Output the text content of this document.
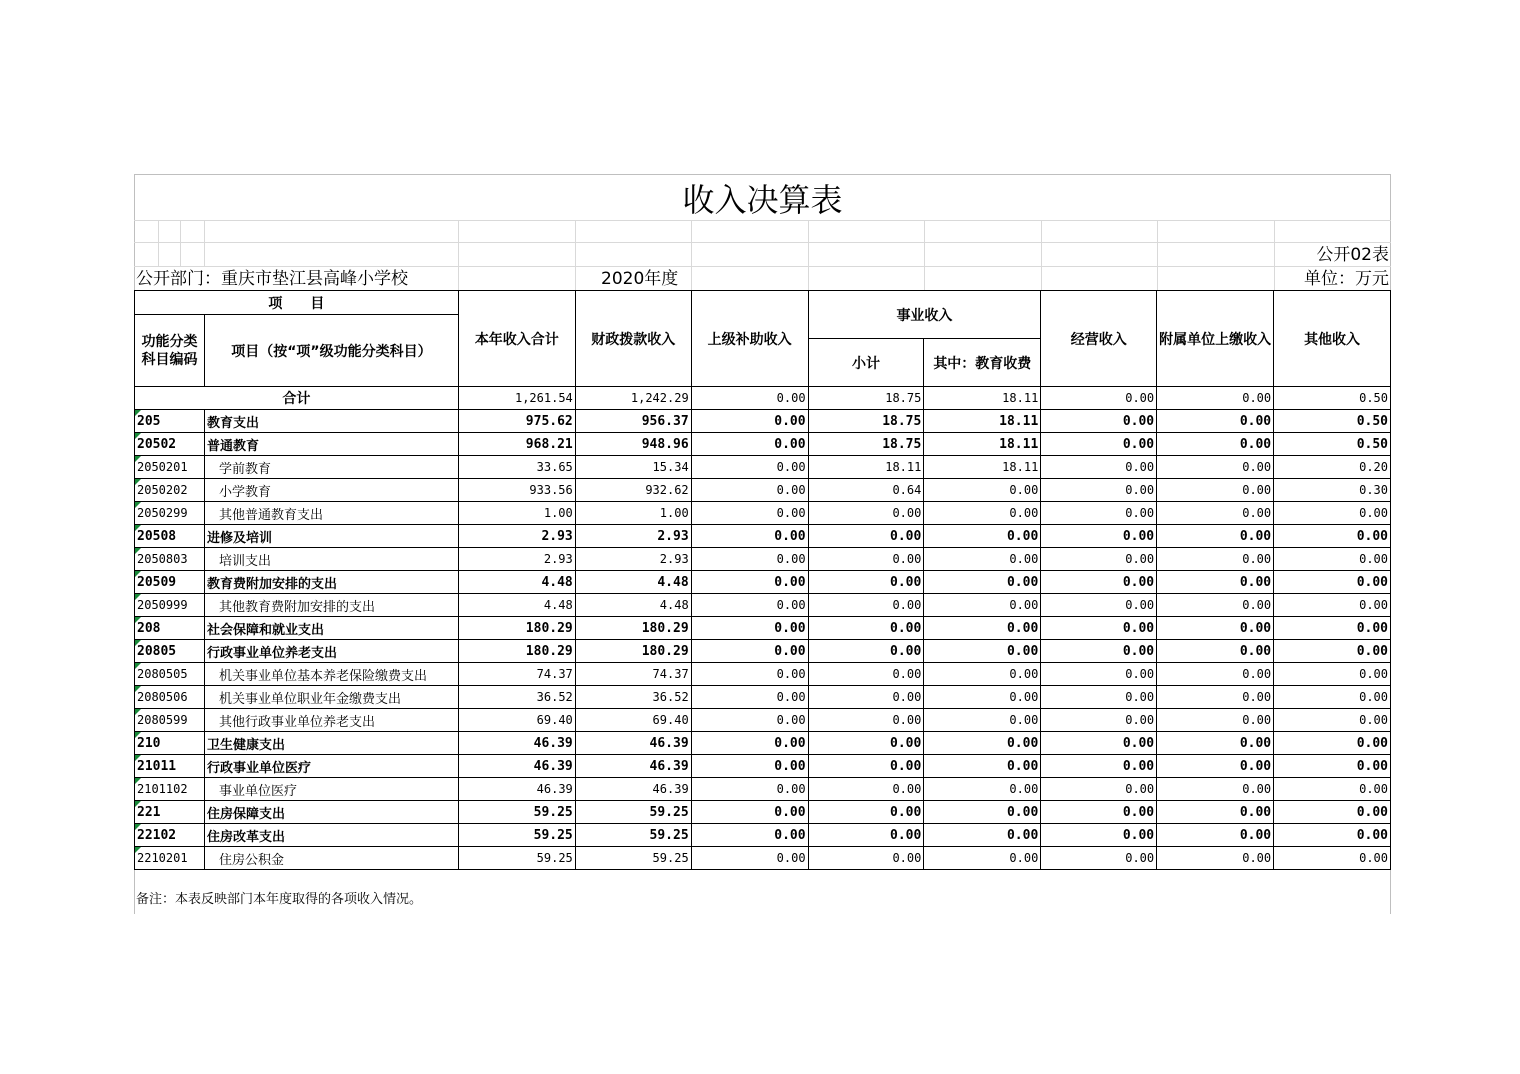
收入决算表
公开02表
公开部门：重庆市垫江县高峰小学校	2020年度	单位：万元
项　　目		本年收入合计	财政拨款收入	上级补助收入	事业收入		经营收入	附属单位上缴收入	其他收入
功能分类科目编码	项目（按“项”级功能分类科目）								
					小计	其中：教育收费			
合计		1,261.54	1,242.29	0.00	18.75	18.11	0.00	0.00	0.50
205	教育支出	975.62	956.37	0.00	18.75	18.11	0.00	0.00	0.50
20502	普通教育	968.21	948.96	0.00	18.75	18.11	0.00	0.00	0.50
2050201	学前教育	33.65	15.34	0.00	18.11	18.11	0.00	0.00	0.20
2050202	小学教育	933.56	932.62	0.00	0.64	0.00	0.00	0.00	0.30
2050299	其他普通教育支出	1.00	1.00	0.00	0.00	0.00	0.00	0.00	0.00
20508	进修及培训	2.93	2.93	0.00	0.00	0.00	0.00	0.00	0.00
2050803	培训支出	2.93	2.93	0.00	0.00	0.00	0.00	0.00	0.00
20509	教育费附加安排的支出	4.48	4.48	0.00	0.00	0.00	0.00	0.00	0.00
2050999	其他教育费附加安排的支出	4.48	4.48	0.00	0.00	0.00	0.00	0.00	0.00
208	社会保障和就业支出	180.29	180.29	0.00	0.00	0.00	0.00	0.00	0.00
20805	行政事业单位养老支出	180.29	180.29	0.00	0.00	0.00	0.00	0.00	0.00
2080505	机关事业单位基本养老保险缴费支出	74.37	74.37	0.00	0.00	0.00	0.00	0.00	0.00
2080506	机关事业单位职业年金缴费支出	36.52	36.52	0.00	0.00	0.00	0.00	0.00	0.00
2080599	其他行政事业单位养老支出	69.40	69.40	0.00	0.00	0.00	0.00	0.00	0.00
210	卫生健康支出	46.39	46.39	0.00	0.00	0.00	0.00	0.00	0.00
21011	行政事业单位医疗	46.39	46.39	0.00	0.00	0.00	0.00	0.00	0.00
2101102	事业单位医疗	46.39	46.39	0.00	0.00	0.00	0.00	0.00	0.00
221	住房保障支出	59.25	59.25	0.00	0.00	0.00	0.00	0.00	0.00
22102	住房改革支出	59.25	59.25	0.00	0.00	0.00	0.00	0.00	0.00
2210201	住房公积金	59.25	59.25	0.00	0.00	0.00	0.00	0.00	0.00
备注：本表反映部门本年度取得的各项收入情况。
